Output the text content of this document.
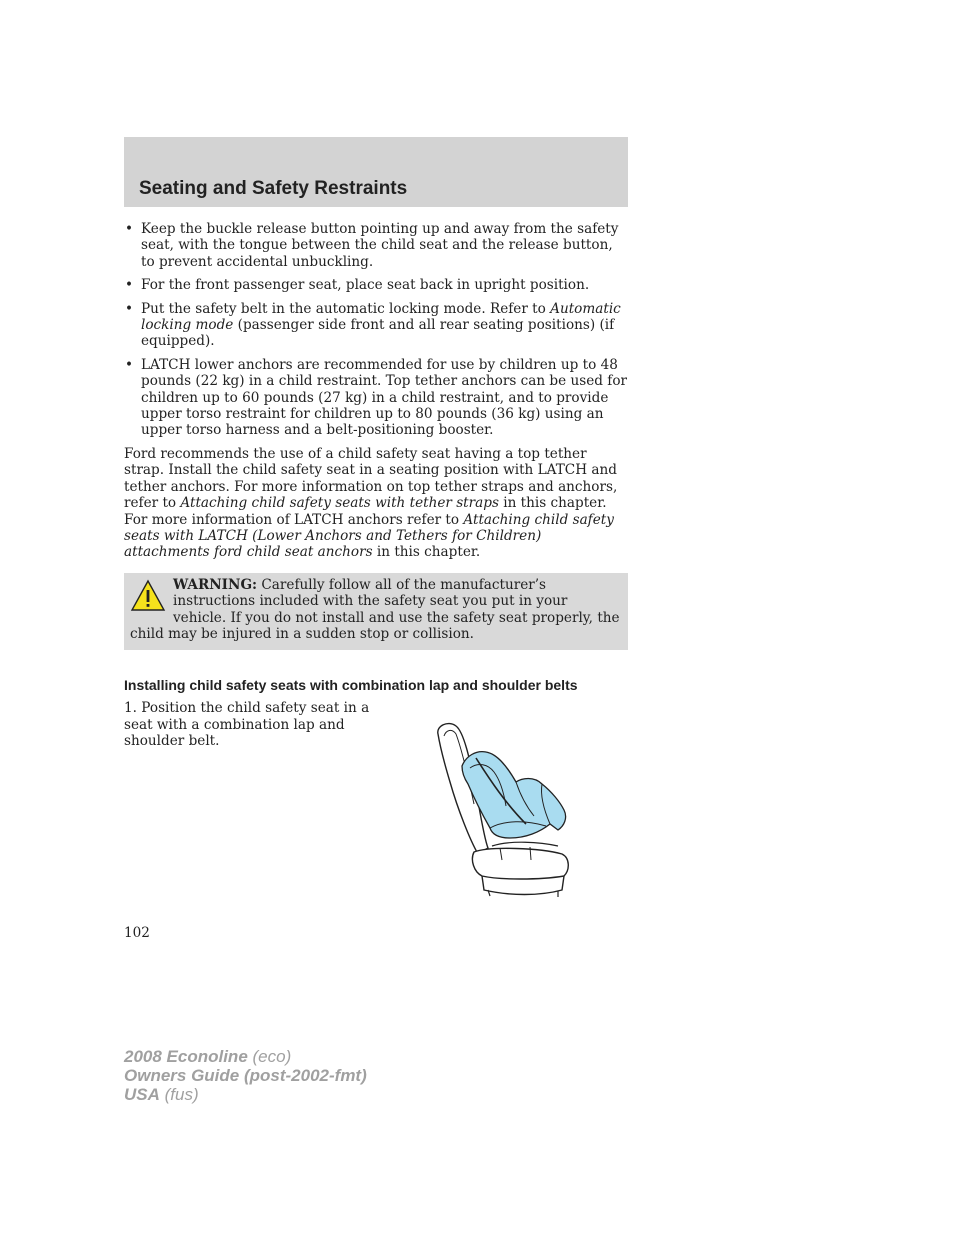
Seating and Safety Restraints
• Keep the buckle release button pointing up and away from the safety seat, with the tongue between the child seat and the release button, to prevent accidental unbuckling.
• For the front passenger seat, place seat back in upright position.
• Put the safety belt in the automatic locking mode. Refer to Automatic locking mode (passenger side front and all rear seating positions) (if equipped).
• LATCH lower anchors are recommended for use by children up to 48 pounds (22 kg) in a child restraint. Top tether anchors can be used for children up to 60 pounds (27 kg) in a child restraint, and to provide upper torso restraint for children up to 80 pounds (36 kg) using an upper torso harness and a belt-positioning booster.

Ford recommends the use of a child safety seat having a top tether strap. Install the child safety seat in a seating position with LATCH and tether anchors. For more information on top tether straps and anchors, refer to Attaching child safety seats with tether straps in this chapter. For more information of LATCH anchors refer to Attaching child safety seats with LATCH (Lower Anchors and Tethers for Children) attachments ford child seat anchors in this chapter.

WARNING: Carefully follow all of the manufacturer’s instructions included with the safety seat you put in your vehicle. If you do not install and use the safety seat properly, the child may be injured in a sudden stop or collision.
Installing child safety seats with combination lap and shoulder belts
1. Position the child safety seat in a seat with a combination lap and shoulder belt.
102
2008 Econoline (eco)
Owners Guide (post-2002-fmt)
USA (fus)
